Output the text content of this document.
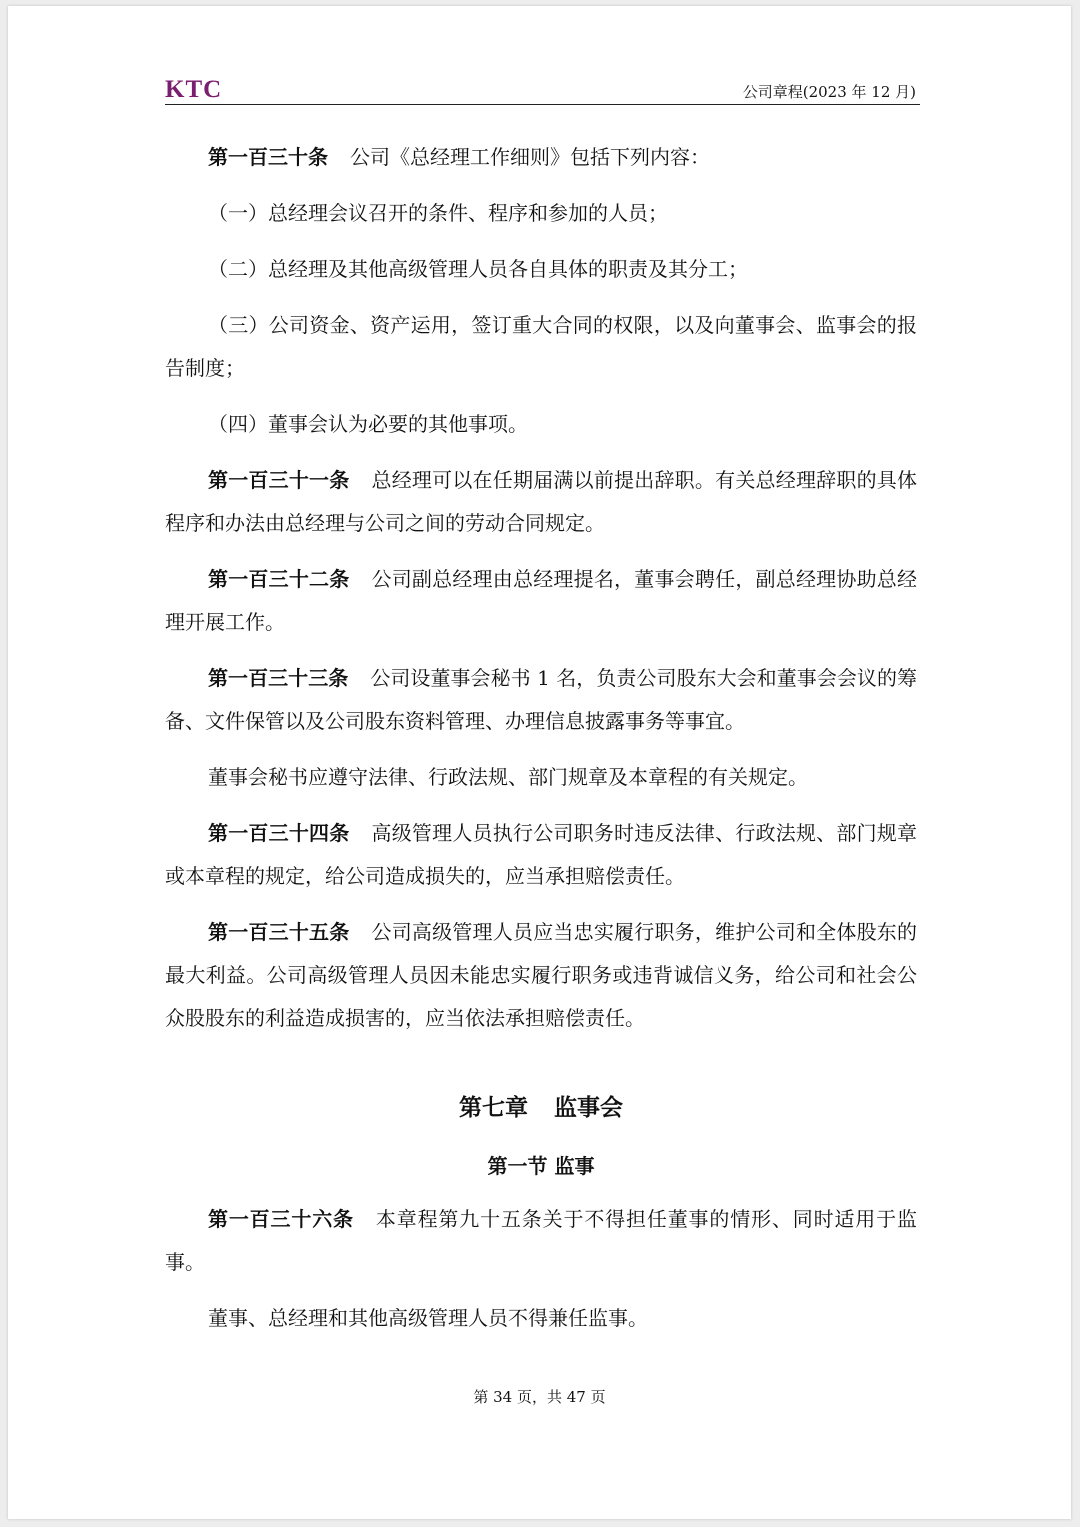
KTC	公司章程(2023 年 12 月)

第一百三十条 公司《总经理工作细则》包括下列内容：

（一）总经理会议召开的条件、程序和参加的人员；

（二）总经理及其他高级管理人员各自具体的职责及其分工；

（三）公司资金、资产运用，签订重大合同的权限，以及向董事会、监事会的报告制度；

（四）董事会认为必要的其他事项。

第一百三十一条 总经理可以在任期届满以前提出辞职。有关总经理辞职的具体程序和办法由总经理与公司之间的劳动合同规定。

第一百三十二条 公司副总经理由总经理提名，董事会聘任，副总经理协助总经理开展工作。

第一百三十三条 公司设董事会秘书 1 名，负责公司股东大会和董事会会议的筹备、文件保管以及公司股东资料管理、办理信息披露事务等事宜。

董事会秘书应遵守法律、行政法规、部门规章及本章程的有关规定。

第一百三十四条 高级管理人员执行公司职务时违反法律、行政法规、部门规章或本章程的规定，给公司造成损失的，应当承担赔偿责任。

第一百三十五条 公司高级管理人员应当忠实履行职务，维护公司和全体股东的最大利益。公司高级管理人员因未能忠实履行职务或违背诚信义务，给公司和社会公众股股东的利益造成损害的，应当依法承担赔偿责任。

第七章 监事会
第一节 监事

第一百三十六条 本章程第九十五条关于不得担任董事的情形、同时适用于监事。

董事、总经理和其他高级管理人员不得兼任监事。

第 34 页，共 47 页
